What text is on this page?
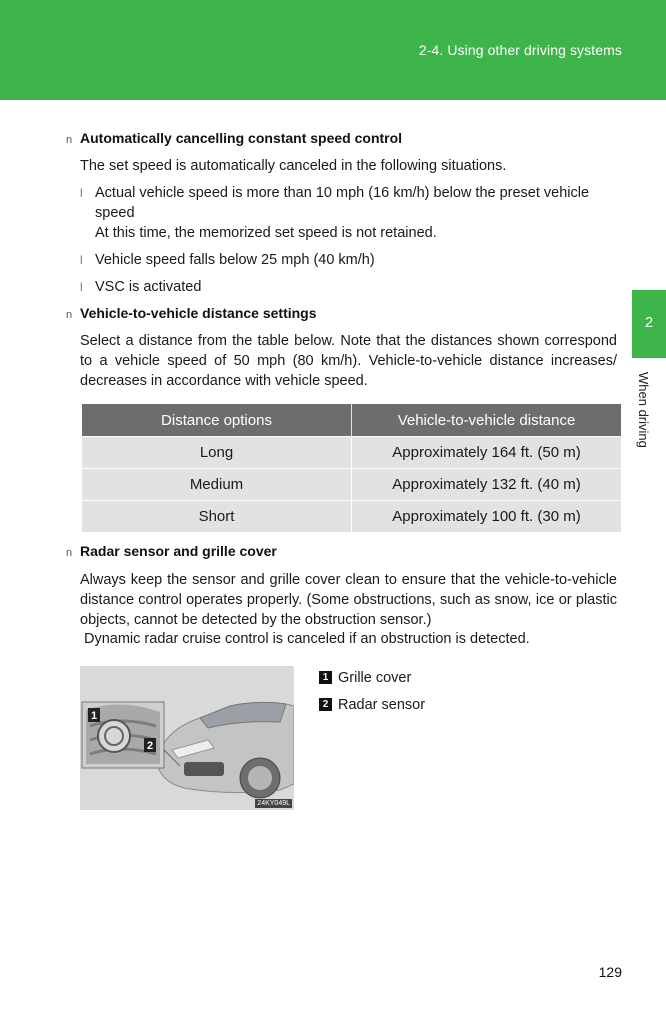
2-4. Using other driving systems
2
When driving
n Automatically cancelling constant speed control
The set speed is automatically canceled in the following situations.
l Actual vehicle speed is more than 10 mph (16 km/h) below the preset vehicle speed
At this time, the memorized set speed is not retained.
l Vehicle speed falls below 25 mph (40 km/h)
l VSC is activated
n Vehicle-to-vehicle distance settings
Select a distance from the table below. Note that the distances shown correspond to a vehicle speed of 50 mph (80 km/h). Vehicle-to-vehicle distance increases/ decreases in accordance with vehicle speed.
Distance options	Vehicle-to-vehicle distance
Long	Approximately 164 ft. (50 m)
Medium	Approximately 132 ft. (40 m)
Short	Approximately 100 ft. (30 m)
n Radar sensor and grille cover
Always keep the sensor and grille cover clean to ensure that the vehicle-to-vehicle distance control operates properly. (Some obstructions, such as snow, ice or plastic objects, cannot be detected by the obstruction sensor.)
Dynamic radar cruise control is canceled if an obstruction is detected.
1
2
24KY049L
1 Grille cover
2 Radar sensor
129
